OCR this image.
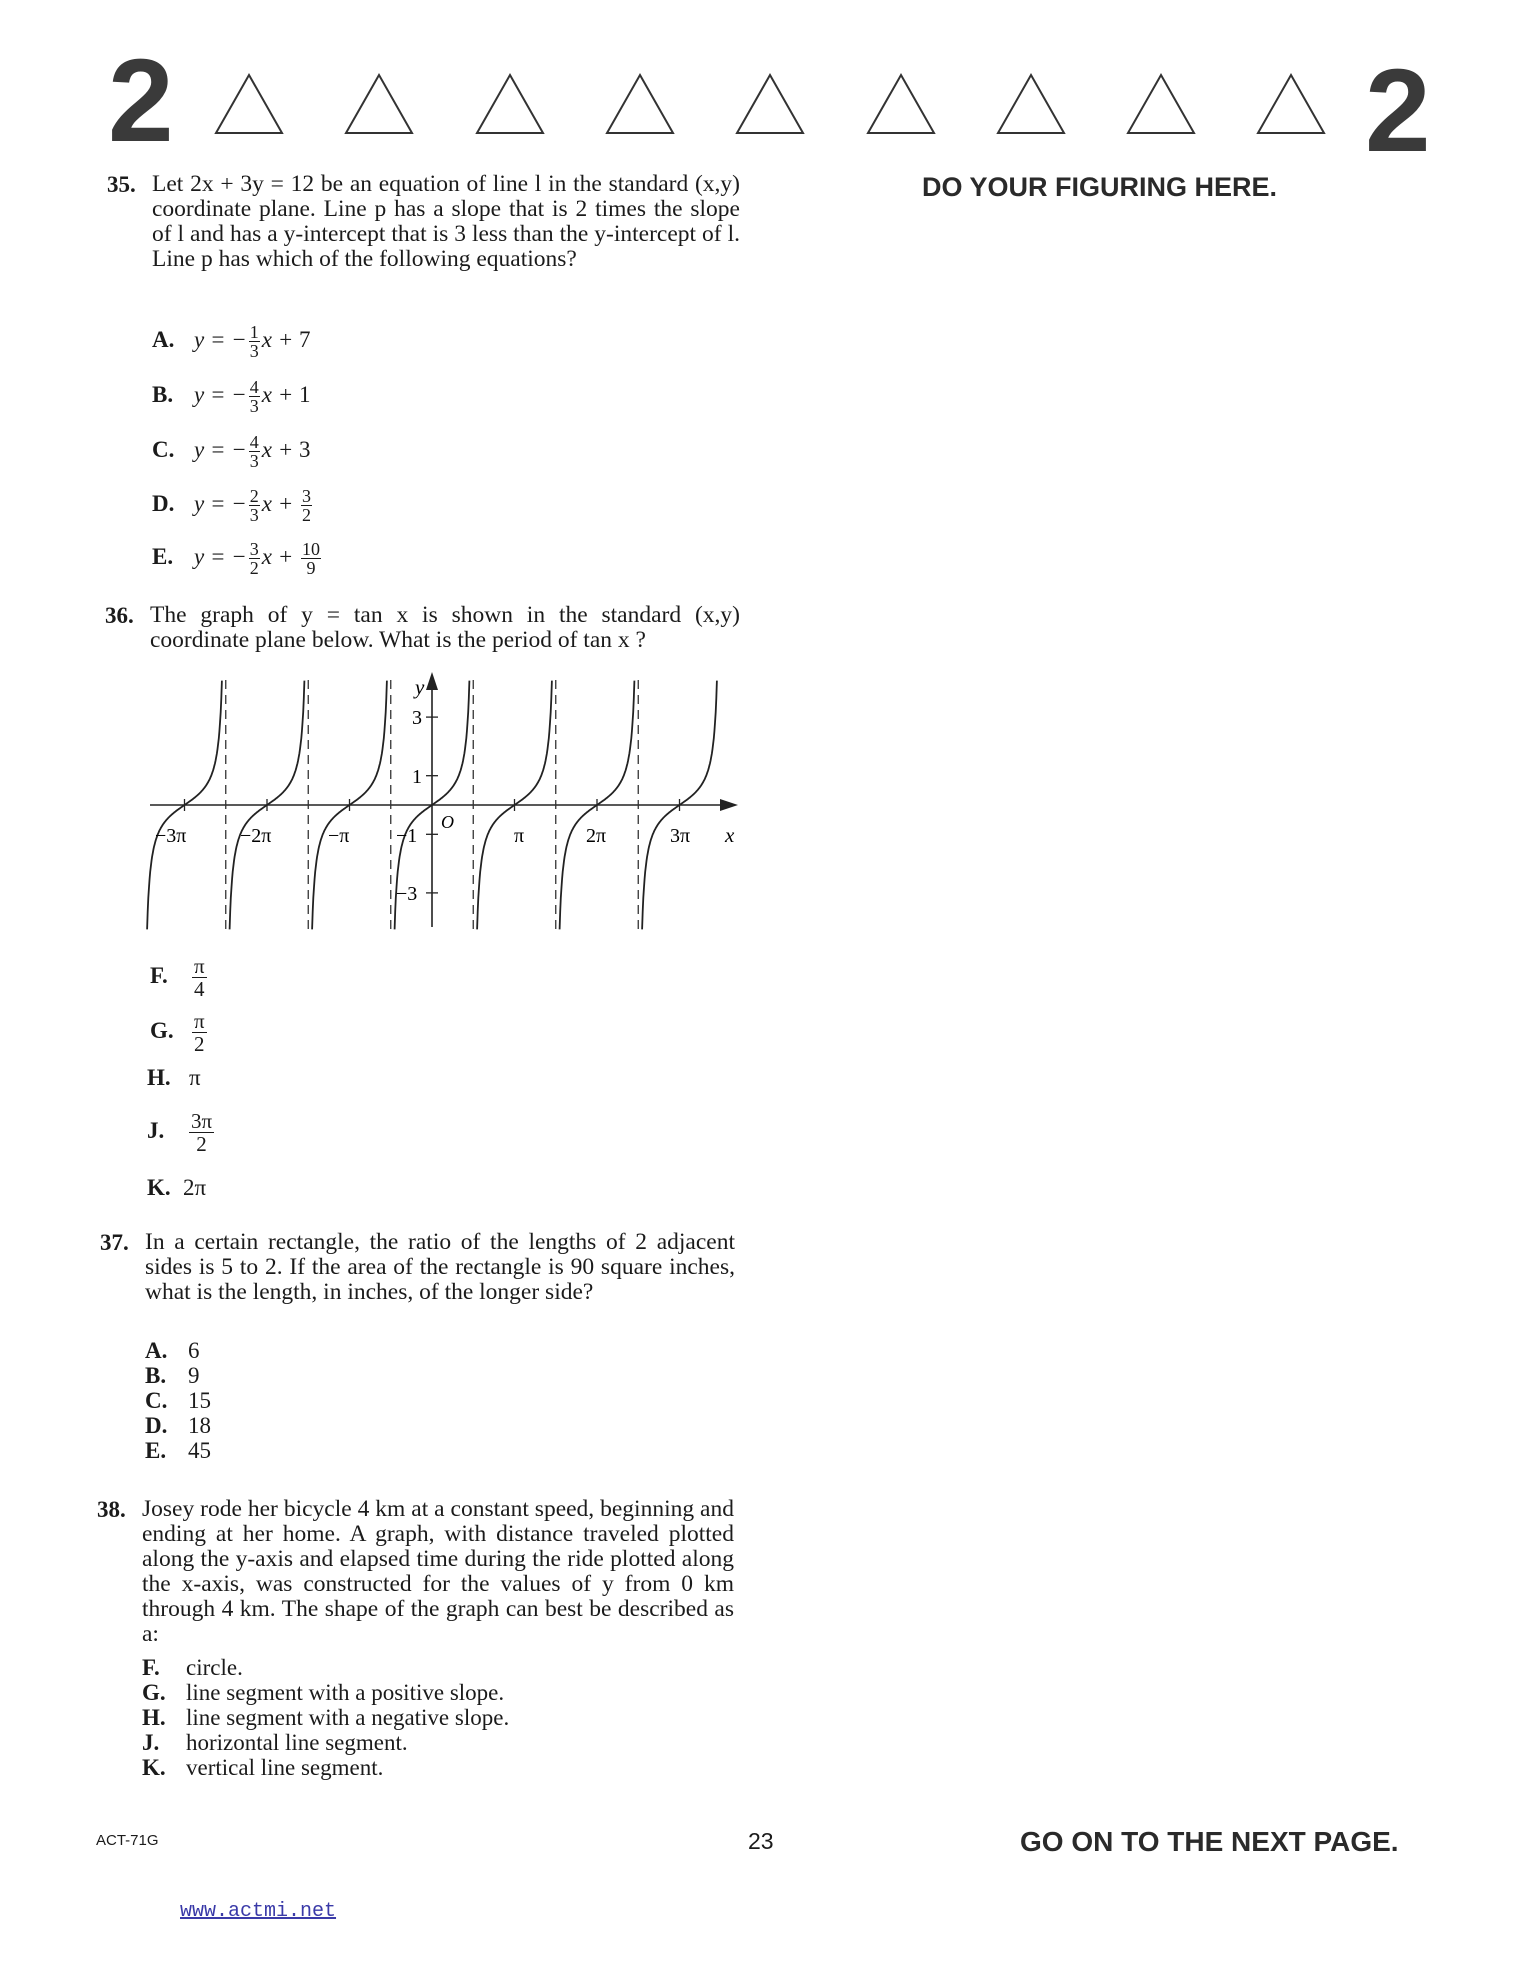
2	2
DO YOUR FIGURING HERE.
35. Let 2x + 3y = 12 be an equation of line l in the standard (x,y) coordinate plane. Line p has a slope that is 2 times the slope of l and has a y-intercept that is 3 less than the y-intercept of l. Line p has which of the following equations?
A. y = − $\frac{1}{3}$ x + 7
B. y = − $\frac{4}{3}$ x + 1
C. y = − $\frac{4}{3}$ x + 3
D. y = − $\frac{2}{3}$ $x + \frac{3}{2}$
E. y = − $\frac{3}{2}$ $x + \frac{10}{9}$
36. The graph of y = tan x is shown in the standard (x,y) coordinate plane below. What is the period of tan x ?
y
x
O
−3π	−2π	−π	π	2π	3π
3
1
−1
−3
F. $\frac{\pi}{4}$
G. $\frac{\pi}{2}$
H. π
J. $\frac{3\pi}{2}$
K. 2π
37. In a certain rectangle, the ratio of the lengths of 2 adjacent sides is 5 to 2. If the area of the rectangle is 90 square inches, what is the length, in inches, of the longer side?
A. 6
B. 9
C. 15
D. 18
E. 45
38. Josey rode her bicycle 4 km at a constant speed, beginning and ending at her home. A graph, with distance traveled plotted along the y-axis and elapsed time during the ride plotted along the x-axis, was constructed for the values of y from 0 km through 4 km. The shape of the graph can best be described as a:
F. circle.
G. line segment with a positive slope.
H. line segment with a negative slope.
J. horizontal line segment.
K. vertical line segment.
ACT-71G	23	GO ON TO THE NEXT PAGE.
www.actmi.net
